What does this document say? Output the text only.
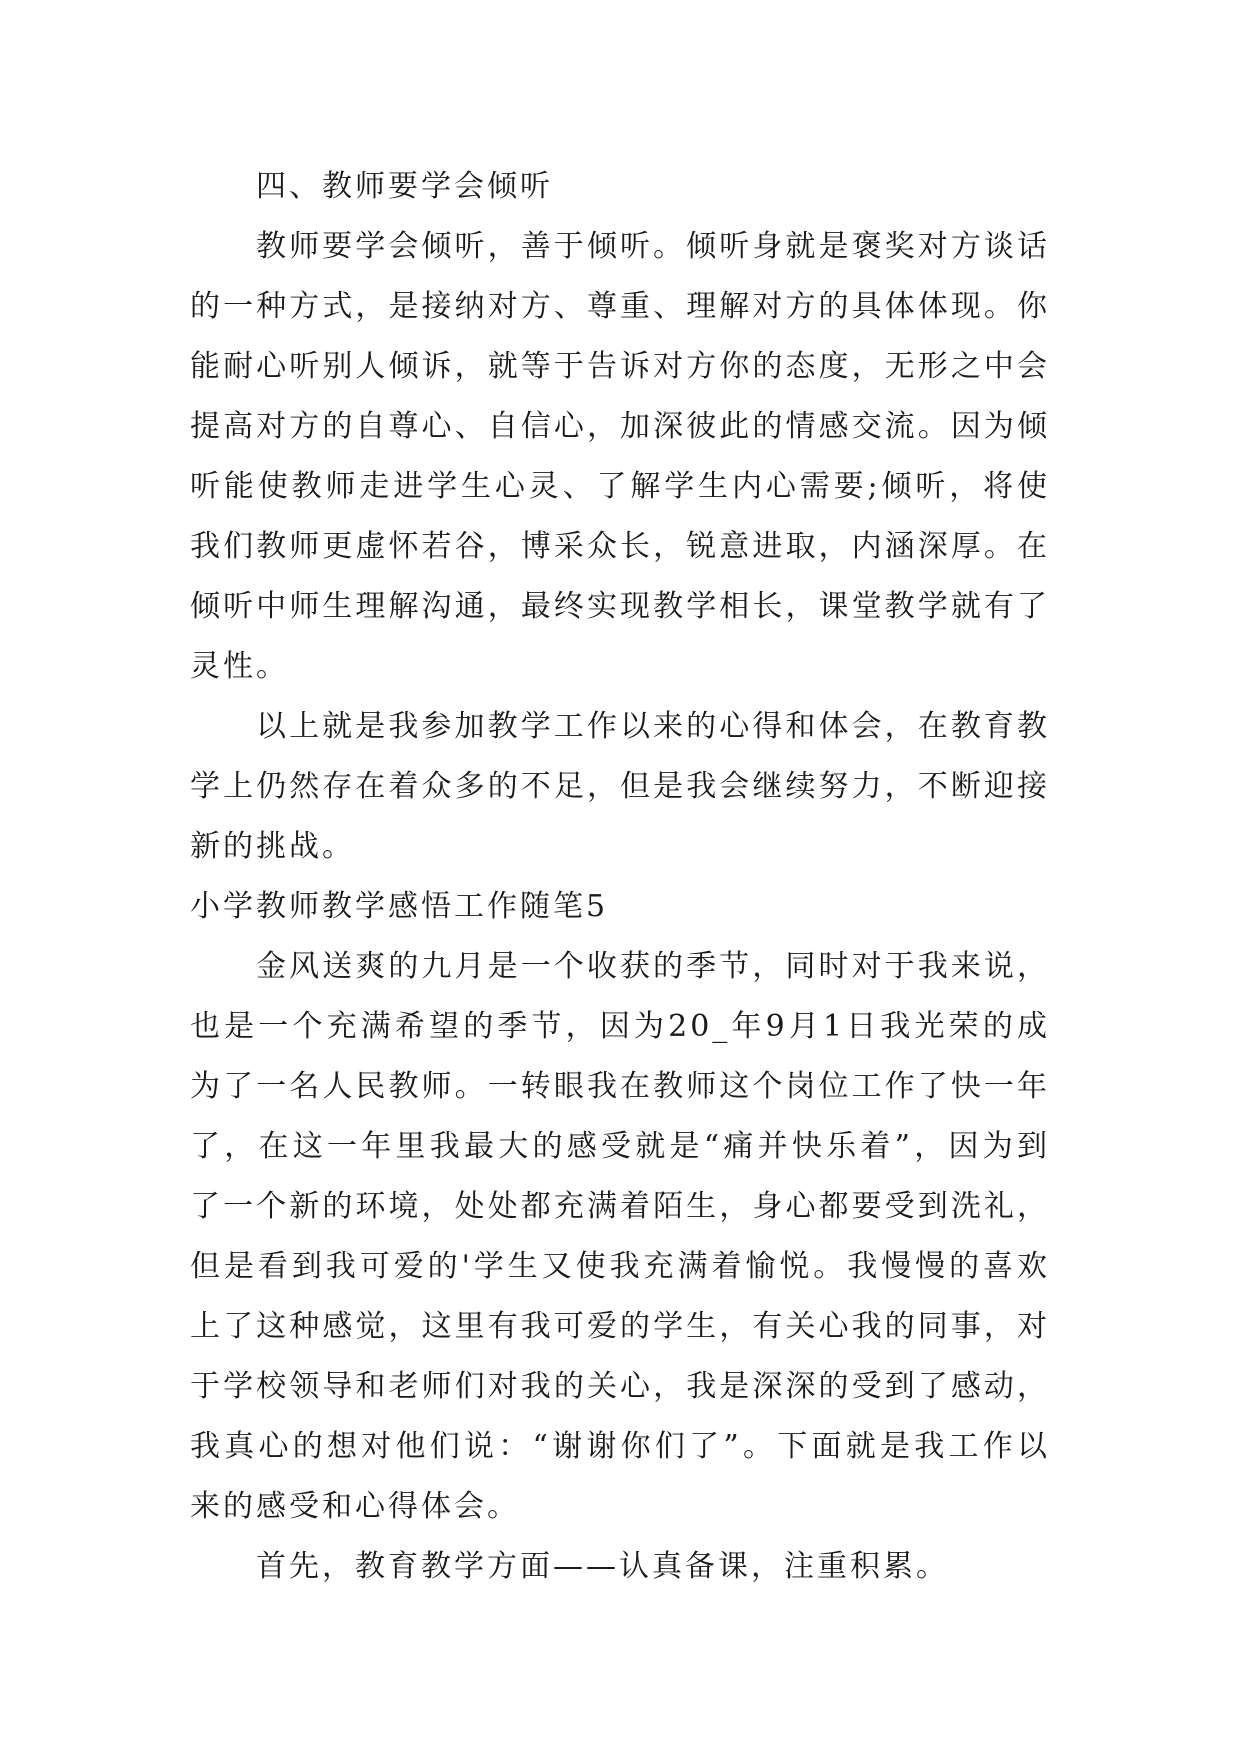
四、教师要学会倾听

教师要学会倾听，善于倾听。倾听身就是褒奖对方谈话的一种方式，是接纳对方、尊重、理解对方的具体体现。你能耐心听别人倾诉，就等于告诉对方你的态度，无形之中会提高对方的自尊心、自信心，加深彼此的情感交流。因为倾听能使教师走进学生心灵、了解学生内心需要;倾听，将使我们教师更虚怀若谷，博采众长，锐意进取，内涵深厚。在倾听中师生理解沟通，最终实现教学相长，课堂教学就有了灵性。

以上就是我参加教学工作以来的心得和体会，在教育教学上仍然存在着众多的不足，但是我会继续努力，不断迎接新的挑战。

小学教师教学感悟工作随笔5

金风送爽的九月是一个收获的季节，同时对于我来说，也是一个充满希望的季节，因为20_年9月1日我光荣的成为了一名人民教师。一转眼我在教师这个岗位工作了快一年了，在这一年里我最大的感受就是“痛并快乐着”，因为到了一个新的环境，处处都充满着陌生，身心都要受到洗礼，但是看到我可爱的'学生又使我充满着愉悦。我慢慢的喜欢上了这种感觉，这里有我可爱的学生，有关心我的同事，对于学校领导和老师们对我的关心，我是深深的受到了感动，我真心的想对他们说：“谢谢你们了”。下面就是我工作以来的感受和心得体会。

首先，教育教学方面——认真备课，注重积累。
